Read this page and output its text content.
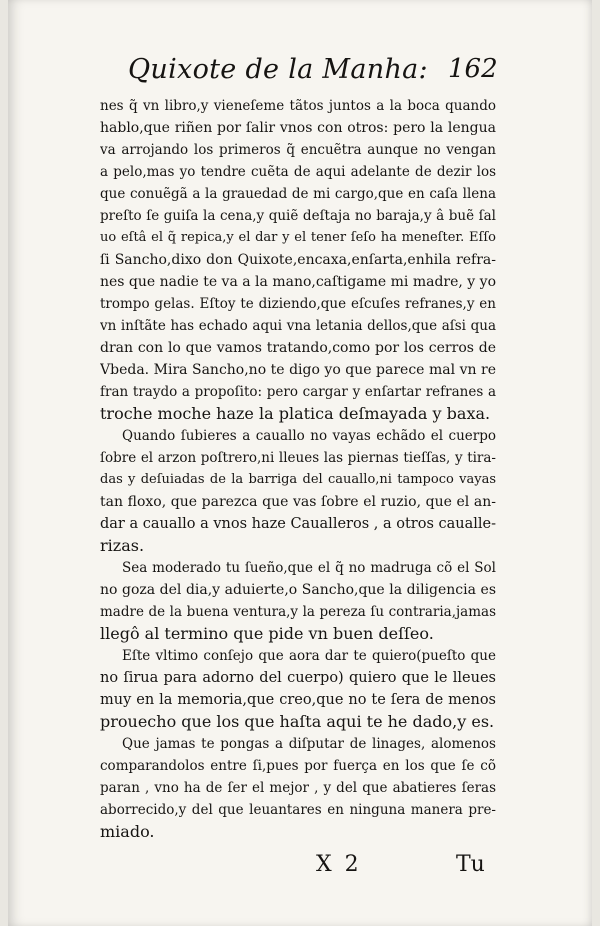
Quixote de la Manha: 162
nes q̃ vn libro,y vieneſeme tãtos juntos a la boca quando
hablo,que riñen por ſalir vnos con otros: pero la lengua
va arrojando los primeros q̃ encuẽtra aunque no vengan
a pelo,mas yo tendre cuẽta de aqui adelante de dezir los
que conuẽgã a la grauedad de mi cargo,que en caſa llena
preſto ſe guiſa la cena,y quiẽ deſtaja no baraja,y â buẽ ſal
uo eſtâ el q̃ repica,y el dar y el tener ſeſo ha meneſter. Eſſo
ſi Sancho,dixo don Quixote,encaxa,enſarta,enhila refra-
nes que nadie te va a la mano,caſtigame mi madre, y yo
trompo gelas. Eſtoy te diziendo,que eſcuſes refranes,y en
vn inſtãte has echado aqui vna letania dellos,que aſsi qua
dran con lo que vamos tratando,como por los cerros de
Vbeda. Mira Sancho,no te digo yo que parece mal vn re
fran traydo a propoſito: pero cargar y enſartar refranes a
troche moche haze la platica deſmayada y baxa.
Quando ſubieres a cauallo no vayas echãdo el cuerpo
ſobre el arzon poſtrero,ni lleues las piernas tieſſas, y tira-
das y deſuiadas de la barriga del cauallo,ni tampoco vayas
tan floxo, que parezca que vas ſobre el ruzio, que el an-
dar a cauallo a vnos haze Caualleros , a otros caualle-
rizas.
Sea moderado tu ſueño,que el q̃ no madruga cõ el Sol
no goza del dia,y aduierte,o Sancho,que la diligencia es
madre de la buena ventura,y la pereza ſu contraria,jamas
llegô al termino que pide vn buen deſſeo.
Eſte vltimo conſejo que aora dar te quiero(pueſto que
no ſirua para adorno del cuerpo) quiero que le lleues
muy en la memoria,que creo,que no te ſera de menos
prouecho que los que haſta aqui te he dado,y es.
Que jamas te pongas a diſputar de linages, alomenos
comparandolos entre ſi,pues por fuerça en los que ſe cõ
paran , vno ha de ſer el mejor , y del que abatieres ſeras
aborrecido,y del que leuantares en ninguna manera pre-
miado.
X 2	Tu
